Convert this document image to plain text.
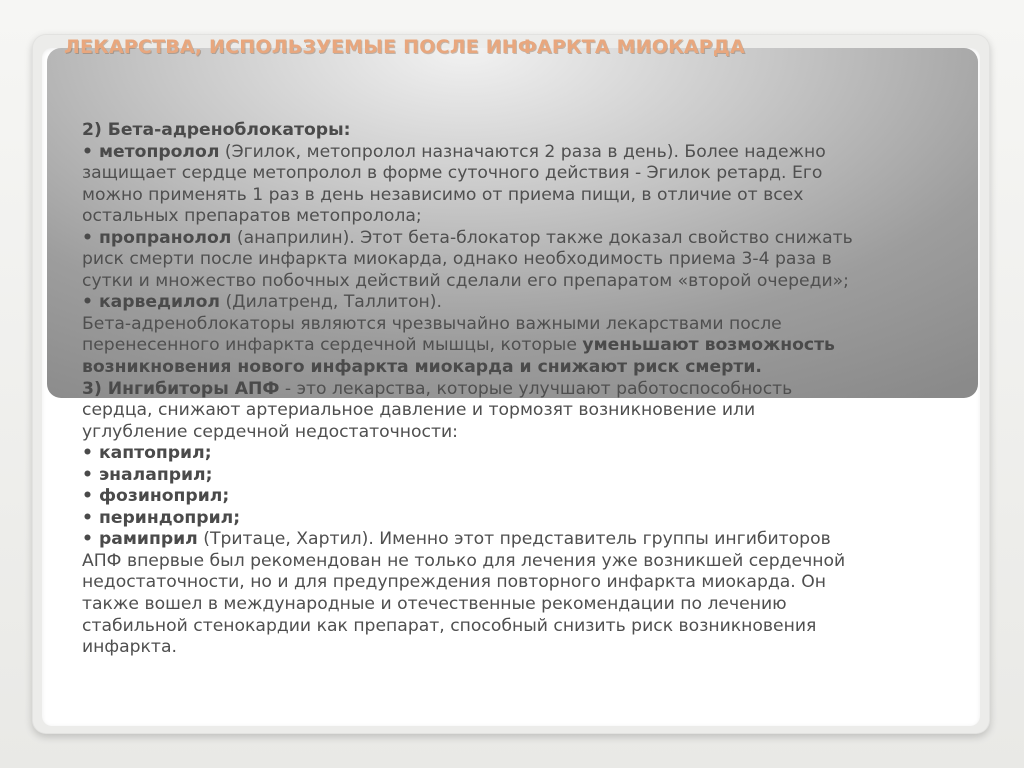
ЛЕКАРСТВА, ИСПОЛЬЗУЕМЫЕ ПОСЛЕ ИНФАРКТА МИОКАРДА

2) Бета-адреноблокаторы:

• метопролол (Эгилок, метопролол назначаются 2 раза в день). Более надежно

защищает сердце метопролол в форме суточного действия - Эгилок ретард. Его

можно применять 1 раз в день независимо от приема пищи, в отличие от всех

остальных препаратов метопролола;

• пропранолол (анаприлин). Этот бета-блокатор также доказал свойство снижать

риск смерти после инфаркта миокарда, однако необходимость приема 3-4 раза в

сутки и множество побочных действий сделали его препаратом «второй очереди»;

• карведилол (Дилатренд, Таллитон).

Бета-адреноблокаторы являются чрезвычайно важными лекарствами после

перенесенного инфаркта сердечной мышцы, которые уменьшают возможность

возникновения нового инфаркта миокарда и снижают риск смерти.

3) Ингибиторы АПФ - это лекарства, которые улучшают работоспособность

сердца, снижают артериальное давление и тормозят возникновение или

углубление сердечной недостаточности:

• каптоприл;

• эналаприл;

• фозиноприл;

• периндоприл;

• рамиприл (Тритаце, Хартил). Именно этот представитель группы ингибиторов

АПФ впервые был рекомендован не только для лечения уже возникшей сердечной

недостаточности, но и для предупреждения повторного инфаркта миокарда. Он

также вошел в международные и отечественные рекомендации по лечению

стабильной стенокардии как препарат, способный снизить риск возникновения

инфаркта.
